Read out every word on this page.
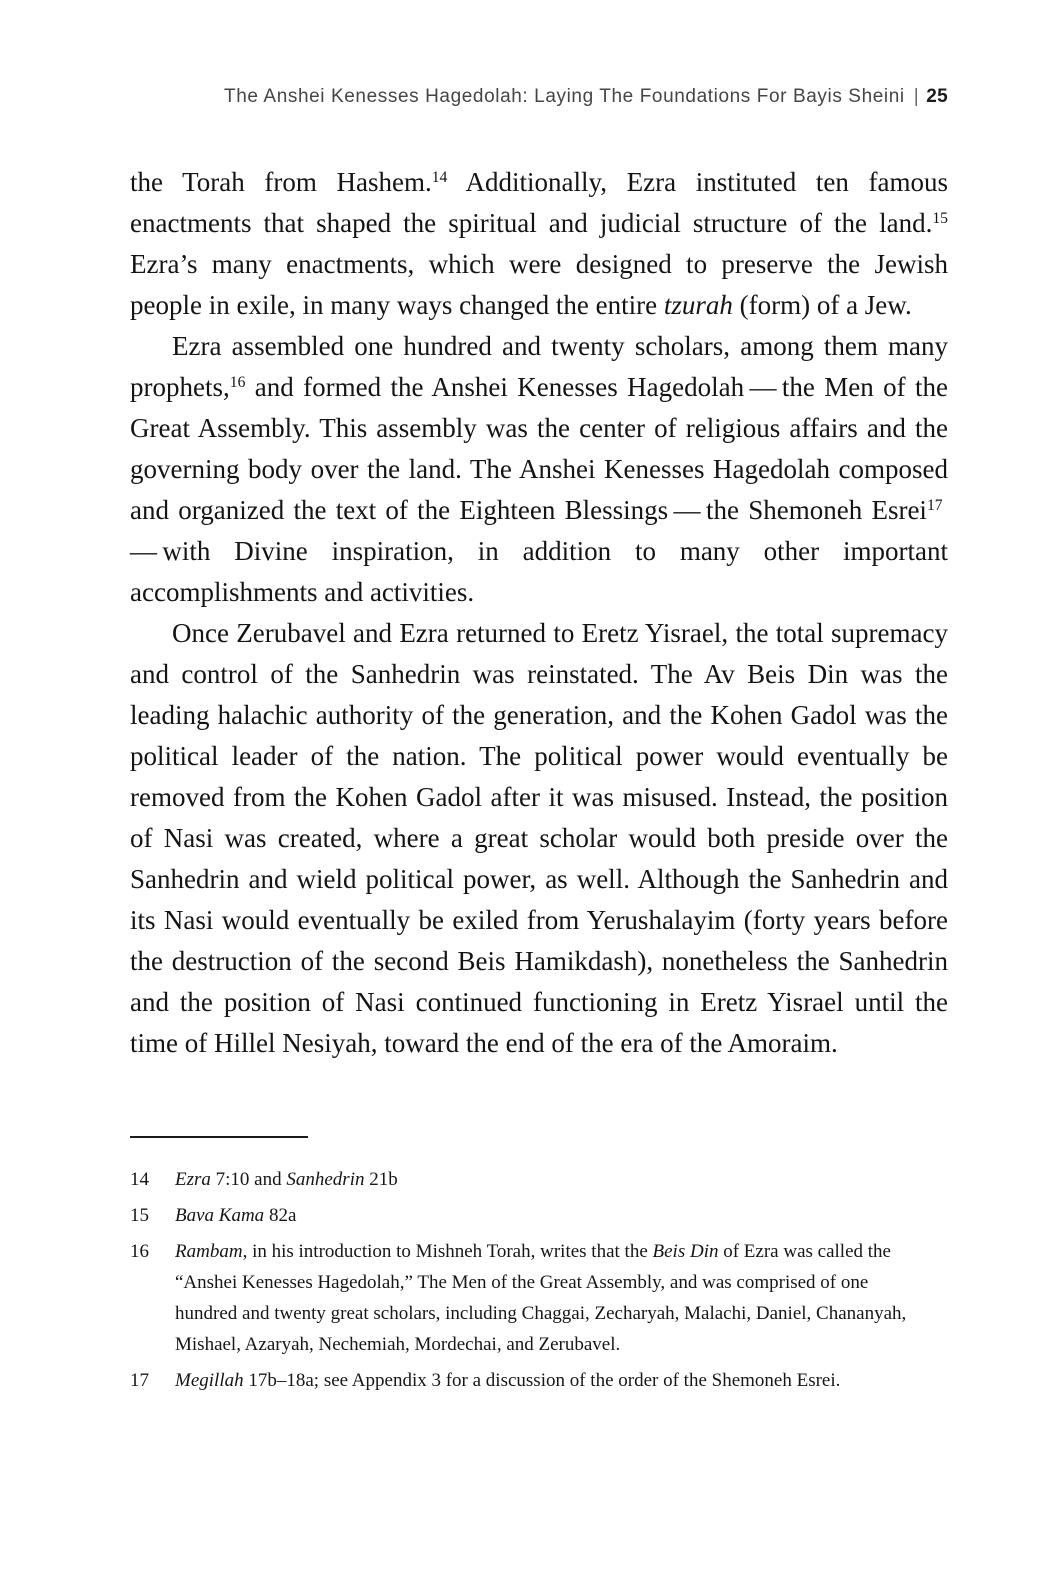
The Anshei Kenesses Hagedolah: Laying The Foundations For Bayis Sheini | 25

the Torah from Hashem.$^{14}$ Additionally, Ezra instituted ten famous enactments that shaped the spiritual and judicial structure of the land.$^{15}$ Ezra’s many enactments, which were designed to preserve the Jewish people in exile, in many ways changed the entire tzurah (form) of a Jew.

Ezra assembled one hundred and twenty scholars, among them many prophets,$^{16}$ and formed the Anshei Kenesses Hagedolah — the Men of the Great Assembly. This assembly was the center of religious affairs and the governing body over the land. The Anshei Kenesses Hagedolah composed and organized the text of the Eighteen Blessings — the Shemoneh Esrei$^{17}$ — with Divine inspiration, in addition to many other important accomplishments and activities.

Once Zerubavel and Ezra returned to Eretz Yisrael, the total supremacy and control of the Sanhedrin was reinstated. The Av Beis Din was the leading halachic authority of the generation, and the Kohen Gadol was the political leader of the nation. The political power would eventually be removed from the Kohen Gadol after it was misused. Instead, the position of Nasi was created, where a great scholar would both preside over the Sanhedrin and wield political power, as well. Although the Sanhedrin and its Nasi would eventually be exiled from Yerushalayim (forty years before the destruction of the second Beis Hamikdash), nonetheless the Sanhedrin and the position of Nasi continued functioning in Eretz Yisrael until the time of Hillel Nesiyah, toward the end of the era of the Amoraim.

14	Ezra 7:10 and Sanhedrin 21b
15	Bava Kama 82a
16	Rambam, in his introduction to Mishneh Torah, writes that the Beis Din of Ezra was called the “Anshei Kenesses Hagedolah,” The Men of the Great Assembly, and was comprised of one hundred and twenty great scholars, including Chaggai, Zecharyah, Malachi, Daniel, Chananyah, Mishael, Azaryah, Nechemiah, Mordechai, and Zerubavel.
17	Megillah 17b–18a; see Appendix 3 for a discussion of the order of the Shemoneh Esrei.
